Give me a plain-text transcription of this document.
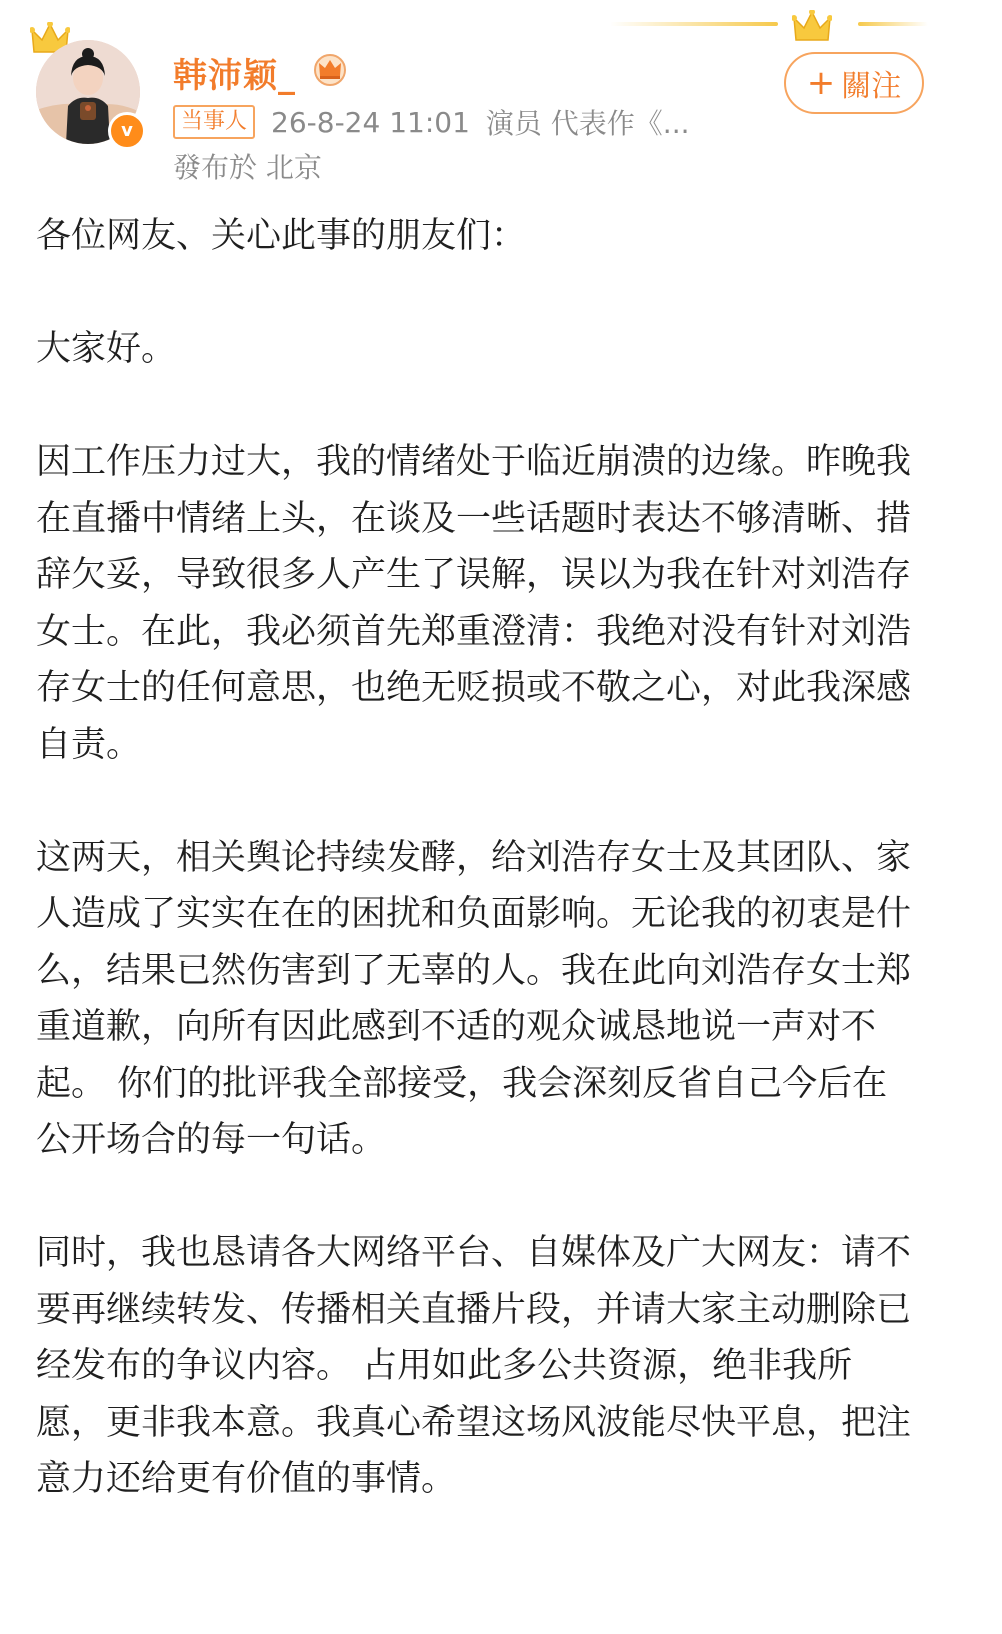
v
韩沛颖_	+ 關注
当事人 26-8-24 11:01 演员 代表作《...
發布於 北京

各位网友、关心此事的朋友们：

大家好。

因工作压力过大，我的情绪处于临近崩溃的边缘。昨晚我在直播中情绪上头，在谈及一些话题时表达不够清晰、措辞欠妥，导致很多人产生了误解，误以为我在针对刘浩存女士。在此，我必须首先郑重澄清：我绝对没有针对刘浩存女士的任何意思，也绝无贬损或不敬之心，对此我深感自责。

这两天，相关舆论持续发酵，给刘浩存女士及其团队、家人造成了实实在在的困扰和负面影响。无论我的初衷是什么，结果已然伤害到了无辜的人。我在此向刘浩存女士郑重道歉，向所有因此感到不适的观众诚恳地说一声对不起。 你们的批评我全部接受，我会深刻反省自己今后在公开场合的每一句话。

同时，我也恳请各大网络平台、自媒体及广大网友：请不要再继续转发、传播相关直播片段，并请大家主动删除已经发布的争议内容。 占用如此多公共资源，绝非我所愿，更非我本意。我真心希望这场风波能尽快平息，把注意力还给更有价值的事情。
